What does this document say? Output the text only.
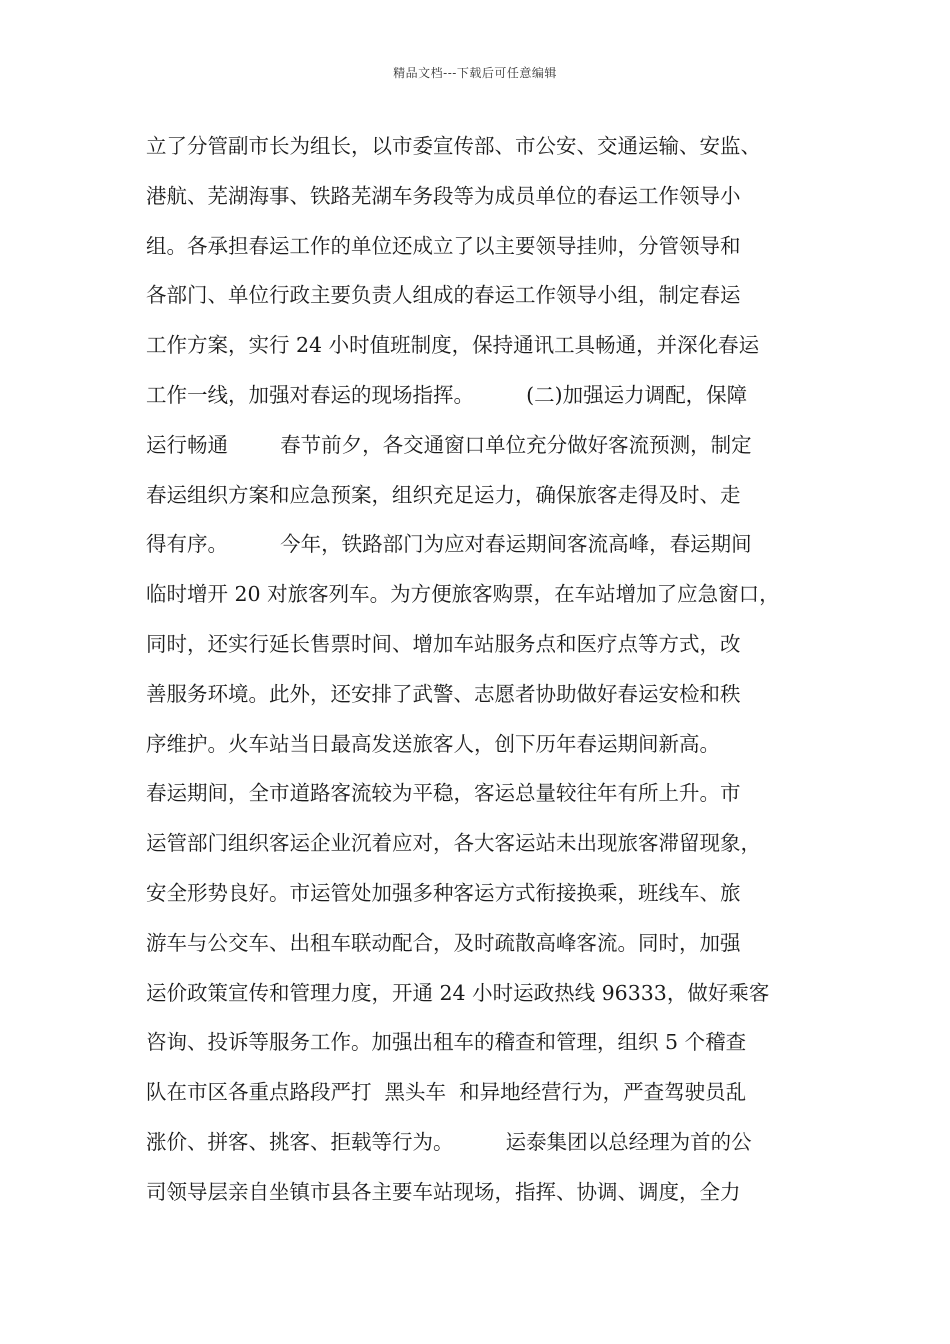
精品文档---下载后可任意编辑
立了分管副市长为组长，以市委宣传部、市公安、交通运输、安监、
港航、芜湖海事、铁路芜湖车务段等为成员单位的春运工作领导小
组。各承担春运工作的单位还成立了以主要领导挂帅，分管领导和
各部门、单位行政主要负责人组成的春运工作领导小组，制定春运
工作方案，实行 24 小时值班制度，保持通讯工具畅通，并深化春运
工作一线，加强对春运的现场指挥。        (二)加强运力调配，保障
运行畅通        春节前夕，各交通窗口单位充分做好客流预测，制定
春运组织方案和应急预案，组织充足运力，确保旅客走得及时、走
得有序。        今年，铁路部门为应对春运期间客流高峰，春运期间
临时增开 20 对旅客列车。为方便旅客购票，在车站增加了应急窗口，
同时，还实行延长售票时间、增加车站服务点和医疗点等方式，改
善服务环境。此外，还安排了武警、志愿者协助做好春运安检和秩
序维护。火车站当日最高发送旅客人，创下历年春运期间新高。
春运期间，全市道路客流较为平稳，客运总量较往年有所上升。市
运管部门组织客运企业沉着应对，各大客运站未出现旅客滞留现象，
安全形势良好。市运管处加强多种客运方式衔接换乘，班线车、旅
游车与公交车、出租车联动配合，及时疏散高峰客流。同时，加强
运价政策宣传和管理力度，开通 24 小时运政热线 96333，做好乘客
咨询、投诉等服务工作。加强出租车的稽查和管理，组织 5 个稽查
队在市区各重点路段严打  黑头车  和异地经营行为，严查驾驶员乱
涨价、拼客、挑客、拒载等行为。        运泰集团以总经理为首的公
司领导层亲自坐镇市县各主要车站现场，指挥、协调、调度，全力
